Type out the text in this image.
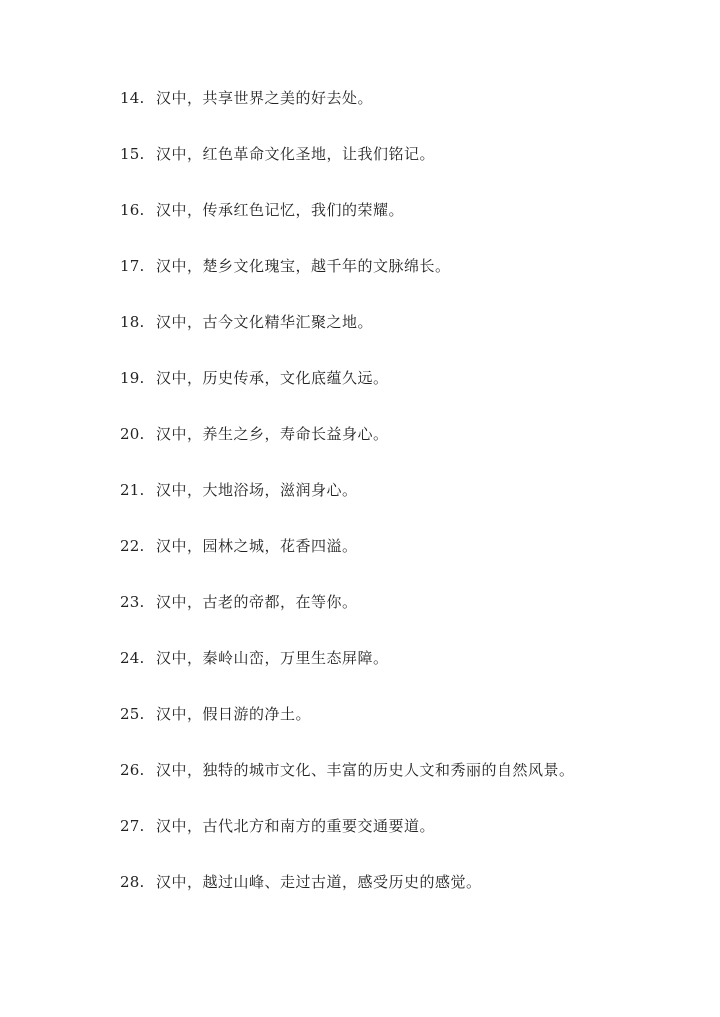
14. 汉中，共享世界之美的好去处。
15. 汉中，红色革命文化圣地，让我们铭记。
16. 汉中，传承红色记忆，我们的荣耀。
17. 汉中，楚乡文化瑰宝，越千年的文脉绵长。
18. 汉中，古今文化精华汇聚之地。
19. 汉中，历史传承，文化底蕴久远。
20. 汉中，养生之乡，寿命长益身心。
21. 汉中，大地浴场，滋润身心。
22. 汉中，园林之城，花香四溢。
23. 汉中，古老的帝都，在等你。
24. 汉中，秦岭山峦，万里生态屏障。
25. 汉中，假日游的净土。
26. 汉中，独特的城市文化、丰富的历史人文和秀丽的自然风景。
27. 汉中，古代北方和南方的重要交通要道。
28. 汉中，越过山峰、走过古道，感受历史的感觉。
